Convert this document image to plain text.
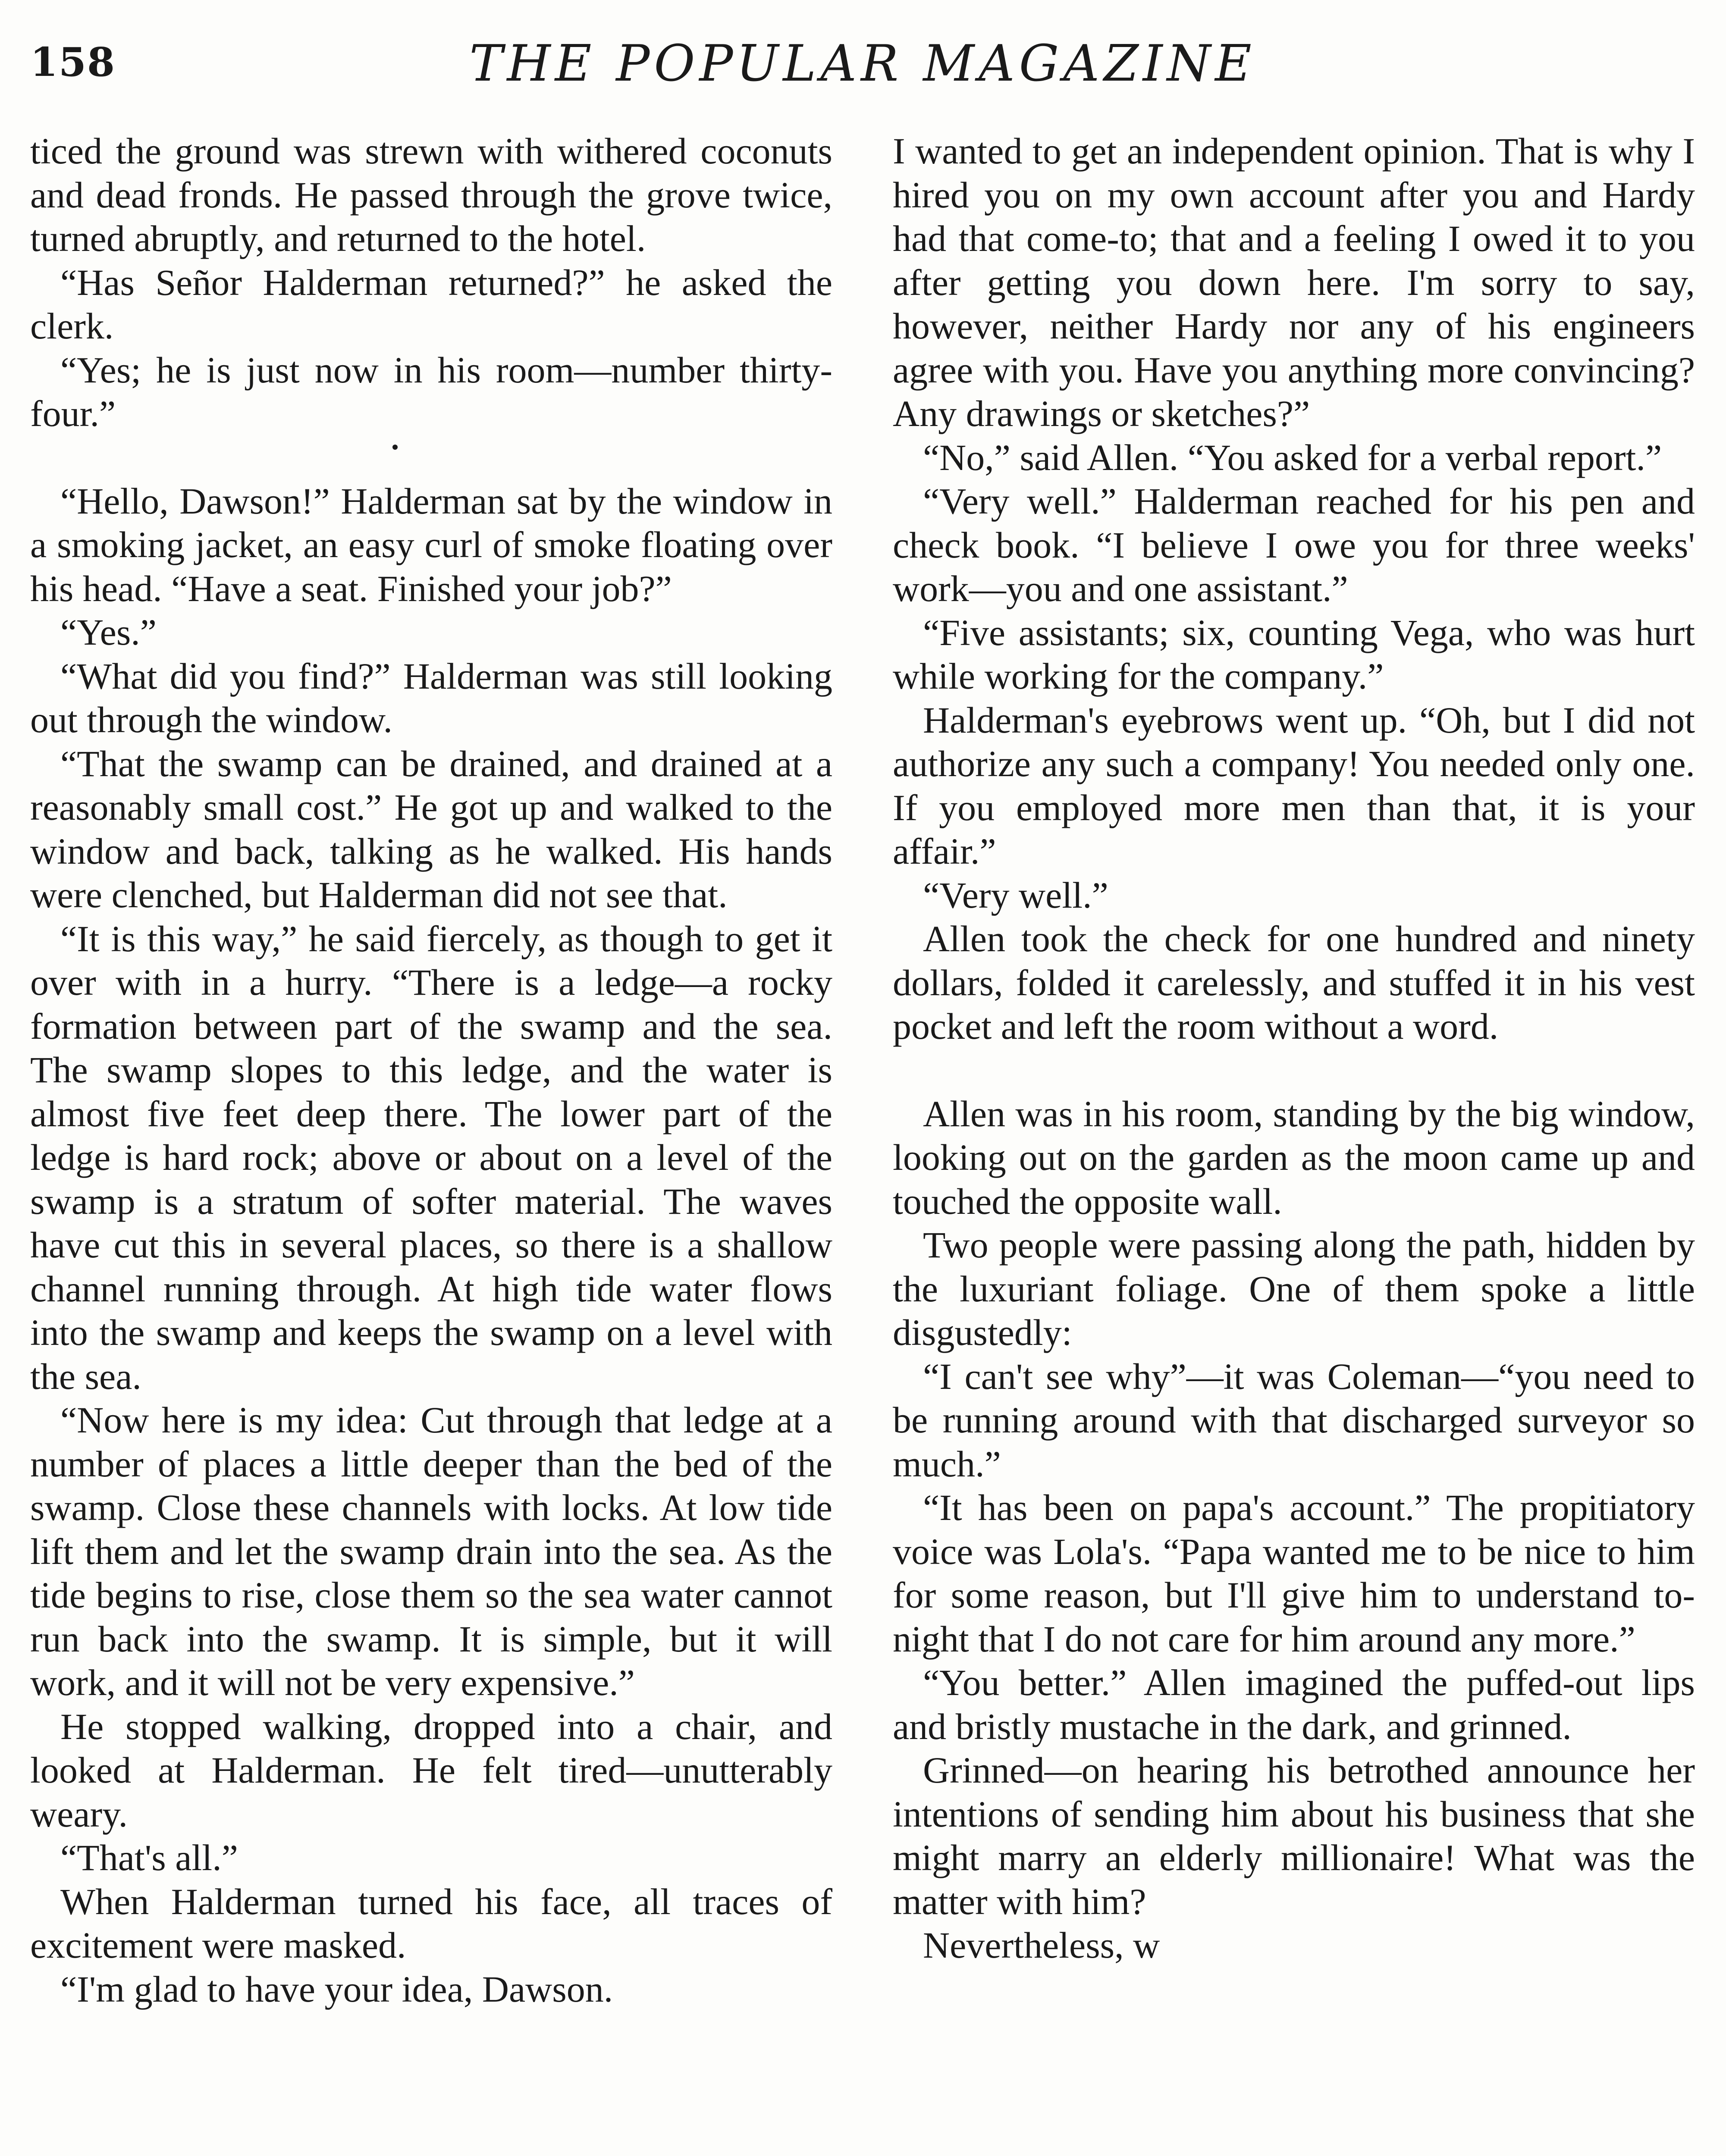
158	THE POPULAR MAGAZINE

ticed the ground was strewn with withered coconuts and dead fronds. He passed through the grove twice, turned abruptly, and returned to the hotel.

“Has Señor Halderman returned?” he asked the clerk.

“Yes; he is just now in his room—number thirty-four.”

“Hello, Dawson!” Halderman sat by the window in a smoking jacket, an easy curl of smoke floating over his head. “Have a seat. Finished your job?”

“Yes.”

“What did you find?” Halderman was still looking out through the window.

“That the swamp can be drained, and drained at a reasonably small cost.” He got up and walked to the window and back, talking as he walked. His hands were clenched, but Halderman did not see that.

“It is this way,” he said fiercely, as though to get it over with in a hurry. “There is a ledge—a rocky formation between part of the swamp and the sea. The swamp slopes to this ledge, and the water is almost five feet deep there. The lower part of the ledge is hard rock; above or about on a level of the swamp is a stratum of softer material. The waves have cut this in several places, so there is a shallow channel running through. At high tide water flows into the swamp and keeps the swamp on a level with the sea.

“Now here is my idea: Cut through that ledge at a number of places a little deeper than the bed of the swamp. Close these channels with locks. At low tide lift them and let the swamp drain into the sea. As the tide begins to rise, close them so the sea water cannot run back into the swamp. It is simple, but it will work, and it will not be very expensive.”

He stopped walking, dropped into a chair, and looked at Halderman. He felt tired—unutterably weary.

“That's all.”

When Halderman turned his face, all traces of excitement were masked.

“I'm glad to have your idea, Dawson.

I wanted to get an independent opinion. That is why I hired you on my own account after you and Hardy had that come-to; that and a feeling I owed it to you after getting you down here. I'm sorry to say, however, neither Hardy nor any of his engineers agree with you. Have you anything more convincing? Any drawings or sketches?”

“No,” said Allen. “You asked for a verbal report.”

“Very well.” Halderman reached for his pen and check book. “I believe I owe you for three weeks' work—you and one assistant.”

“Five assistants; six, counting Vega, who was hurt while working for the company.”

Halderman's eyebrows went up. “Oh, but I did not authorize any such a company! You needed only one. If you employed more men than that, it is your affair.”

“Very well.”

Allen took the check for one hundred and ninety dollars, folded it carelessly, and stuffed it in his vest pocket and left the room without a word.

Allen was in his room, standing by the big window, looking out on the garden as the moon came up and touched the opposite wall.

Two people were passing along the path, hidden by the luxuriant foliage. One of them spoke a little disgustedly:

“I can't see why”—it was Coleman—“you need to be running around with that discharged surveyor so much.”

“It has been on papa's account.” The propitiatory voice was Lola's. “Papa wanted me to be nice to him for some reason, but I'll give him to understand to-night that I do not care for him around any more.”

“You better.” Allen imagined the puffed-out lips and bristly mustache in the dark, and grinned.

Grinned—on hearing his betrothed announce her intentions of sending him about his business that she might marry an elderly millionaire! What was the matter with him?

Nevertheless, w
